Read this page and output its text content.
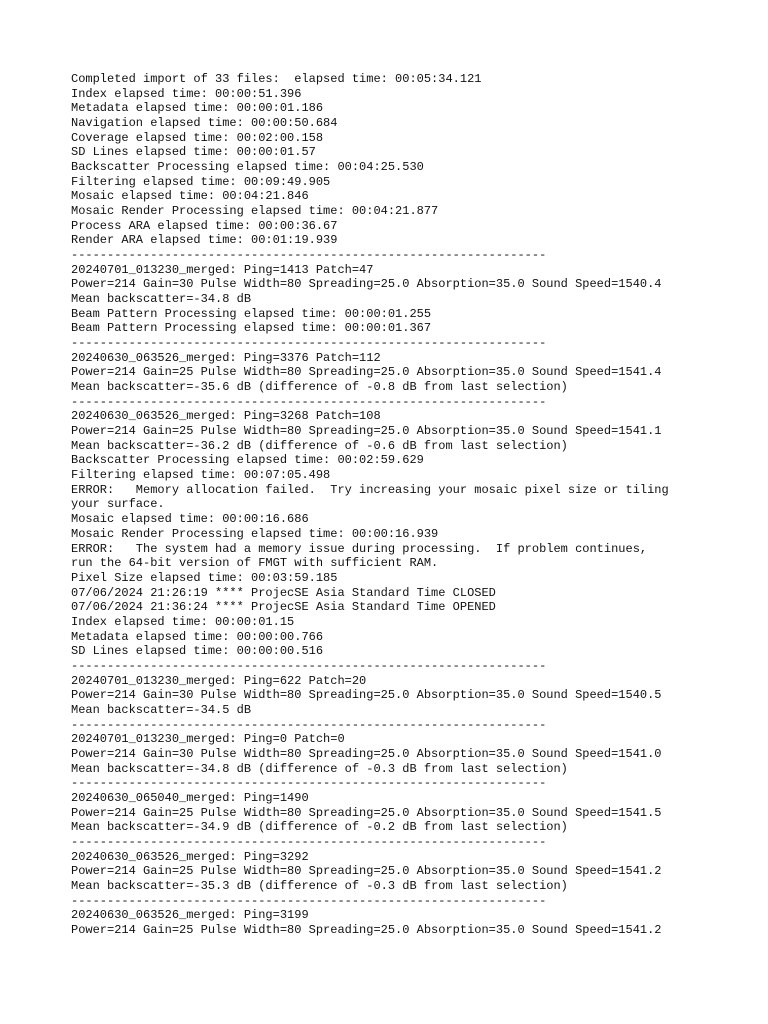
Completed import of 33 files:  elapsed time: 00:05:34.121
Index elapsed time: 00:00:51.396
Metadata elapsed time: 00:00:01.186
Navigation elapsed time: 00:00:50.684
Coverage elapsed time: 00:02:00.158
SD Lines elapsed time: 00:00:01.57
Backscatter Processing elapsed time: 00:04:25.530
Filtering elapsed time: 00:09:49.905
Mosaic elapsed time: 00:04:21.846
Mosaic Render Processing elapsed time: 00:04:21.877
Process ARA elapsed time: 00:00:36.67
Render ARA elapsed time: 00:01:19.939
------------------------------------------------------------------
20240701_013230_merged: Ping=1413 Patch=47
Power=214 Gain=30 Pulse Width=80 Spreading=25.0 Absorption=35.0 Sound Speed=1540.4
Mean backscatter=-34.8 dB
Beam Pattern Processing elapsed time: 00:00:01.255
Beam Pattern Processing elapsed time: 00:00:01.367
------------------------------------------------------------------
20240630_063526_merged: Ping=3376 Patch=112
Power=214 Gain=25 Pulse Width=80 Spreading=25.0 Absorption=35.0 Sound Speed=1541.4
Mean backscatter=-35.6 dB (difference of -0.8 dB from last selection)
------------------------------------------------------------------
20240630_063526_merged: Ping=3268 Patch=108
Power=214 Gain=25 Pulse Width=80 Spreading=25.0 Absorption=35.0 Sound Speed=1541.1
Mean backscatter=-36.2 dB (difference of -0.6 dB from last selection)
Backscatter Processing elapsed time: 00:02:59.629
Filtering elapsed time: 00:07:05.498
ERROR:   Memory allocation failed.  Try increasing your mosaic pixel size or tiling
your surface.
Mosaic elapsed time: 00:00:16.686
Mosaic Render Processing elapsed time: 00:00:16.939
ERROR:   The system had a memory issue during processing.  If problem continues,
run the 64-bit version of FMGT with sufficient RAM.
Pixel Size elapsed time: 00:03:59.185
07/06/2024 21:26:19 **** ProjecSE Asia Standard Time CLOSED
07/06/2024 21:36:24 **** ProjecSE Asia Standard Time OPENED
Index elapsed time: 00:00:01.15
Metadata elapsed time: 00:00:00.766
SD Lines elapsed time: 00:00:00.516
------------------------------------------------------------------
20240701_013230_merged: Ping=622 Patch=20
Power=214 Gain=30 Pulse Width=80 Spreading=25.0 Absorption=35.0 Sound Speed=1540.5
Mean backscatter=-34.5 dB
------------------------------------------------------------------
20240701_013230_merged: Ping=0 Patch=0
Power=214 Gain=30 Pulse Width=80 Spreading=25.0 Absorption=35.0 Sound Speed=1541.0
Mean backscatter=-34.8 dB (difference of -0.3 dB from last selection)
------------------------------------------------------------------
20240630_065040_merged: Ping=1490
Power=214 Gain=25 Pulse Width=80 Spreading=25.0 Absorption=35.0 Sound Speed=1541.5
Mean backscatter=-34.9 dB (difference of -0.2 dB from last selection)
------------------------------------------------------------------
20240630_063526_merged: Ping=3292
Power=214 Gain=25 Pulse Width=80 Spreading=25.0 Absorption=35.0 Sound Speed=1541.2
Mean backscatter=-35.3 dB (difference of -0.3 dB from last selection)
------------------------------------------------------------------
20240630_063526_merged: Ping=3199
Power=214 Gain=25 Pulse Width=80 Spreading=25.0 Absorption=35.0 Sound Speed=1541.2
